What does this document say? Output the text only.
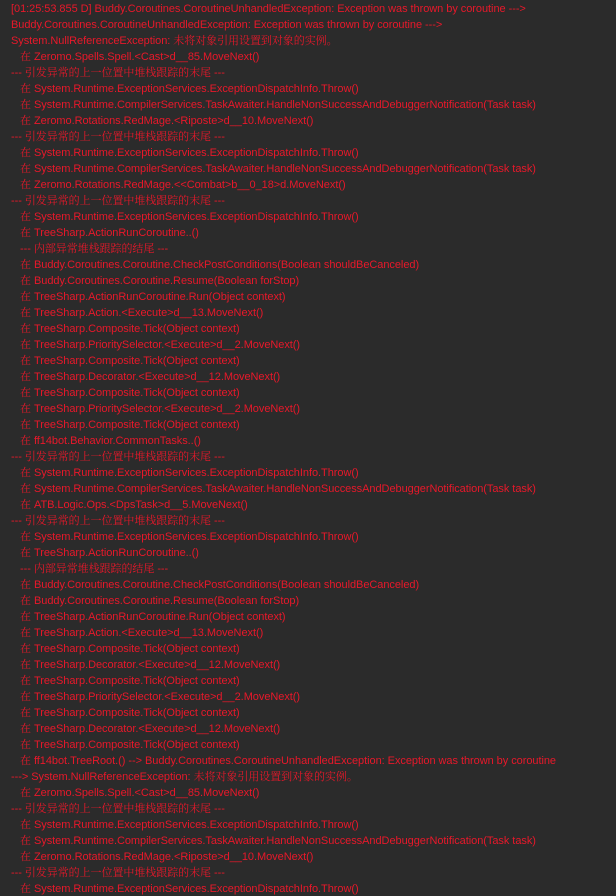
[01:25:53.855 D] Buddy.Coroutines.CoroutineUnhandledException: Exception was thrown by coroutine --->
Buddy.Coroutines.CoroutineUnhandledException: Exception was thrown by coroutine --->
System.NullReferenceException: 未将对象引用设置到对象的实例。
在 Zeromo.Spells.Spell.<Cast>d__85.MoveNext()
--- 引发异常的上一位置中堆栈跟踪的末尾 ---
在 System.Runtime.ExceptionServices.ExceptionDispatchInfo.Throw()
在 System.Runtime.CompilerServices.TaskAwaiter.HandleNonSuccessAndDebuggerNotification(Task task)
在 Zeromo.Rotations.RedMage.<Riposte>d__10.MoveNext()
--- 引发异常的上一位置中堆栈跟踪的末尾 ---
在 System.Runtime.ExceptionServices.ExceptionDispatchInfo.Throw()
在 System.Runtime.CompilerServices.TaskAwaiter.HandleNonSuccessAndDebuggerNotification(Task task)
在 Zeromo.Rotations.RedMage.<<Combat>b__0_18>d.MoveNext()
--- 引发异常的上一位置中堆栈跟踪的末尾 ---
在 System.Runtime.ExceptionServices.ExceptionDispatchInfo.Throw()
在 TreeSharp.ActionRunCoroutine..()
--- 内部异常堆栈跟踪的结尾 ---
在 Buddy.Coroutines.Coroutine.CheckPostConditions(Boolean shouldBeCanceled)
在 Buddy.Coroutines.Coroutine.Resume(Boolean forStop)
在 TreeSharp.ActionRunCoroutine.Run(Object context)
在 TreeSharp.Action.<Execute>d__13.MoveNext()
在 TreeSharp.Composite.Tick(Object context)
在 TreeSharp.PrioritySelector.<Execute>d__2.MoveNext()
在 TreeSharp.Composite.Tick(Object context)
在 TreeSharp.Decorator.<Execute>d__12.MoveNext()
在 TreeSharp.Composite.Tick(Object context)
在 TreeSharp.PrioritySelector.<Execute>d__2.MoveNext()
在 TreeSharp.Composite.Tick(Object context)
在 ff14bot.Behavior.CommonTasks..()
--- 引发异常的上一位置中堆栈跟踪的末尾 ---
在 System.Runtime.ExceptionServices.ExceptionDispatchInfo.Throw()
在 System.Runtime.CompilerServices.TaskAwaiter.HandleNonSuccessAndDebuggerNotification(Task task)
在 ATB.Logic.Ops.<DpsTask>d__5.MoveNext()
--- 引发异常的上一位置中堆栈跟踪的末尾 ---
在 System.Runtime.ExceptionServices.ExceptionDispatchInfo.Throw()
在 TreeSharp.ActionRunCoroutine..()
--- 内部异常堆栈跟踪的结尾 ---
在 Buddy.Coroutines.Coroutine.CheckPostConditions(Boolean shouldBeCanceled)
在 Buddy.Coroutines.Coroutine.Resume(Boolean forStop)
在 TreeSharp.ActionRunCoroutine.Run(Object context)
在 TreeSharp.Action.<Execute>d__13.MoveNext()
在 TreeSharp.Composite.Tick(Object context)
在 TreeSharp.Decorator.<Execute>d__12.MoveNext()
在 TreeSharp.Composite.Tick(Object context)
在 TreeSharp.PrioritySelector.<Execute>d__2.MoveNext()
在 TreeSharp.Composite.Tick(Object context)
在 TreeSharp.Decorator.<Execute>d__12.MoveNext()
在 TreeSharp.Composite.Tick(Object context)
在 ff14bot.TreeRoot.() --> Buddy.Coroutines.CoroutineUnhandledException: Exception was thrown by coroutine
---> System.NullReferenceException: 未将对象引用设置到对象的实例。
在 Zeromo.Spells.Spell.<Cast>d__85.MoveNext()
--- 引发异常的上一位置中堆栈跟踪的末尾 ---
在 System.Runtime.ExceptionServices.ExceptionDispatchInfo.Throw()
在 System.Runtime.CompilerServices.TaskAwaiter.HandleNonSuccessAndDebuggerNotification(Task task)
在 Zeromo.Rotations.RedMage.<Riposte>d__10.MoveNext()
--- 引发异常的上一位置中堆栈跟踪的末尾 ---
在 System.Runtime.ExceptionServices.ExceptionDispatchInfo.Throw()
